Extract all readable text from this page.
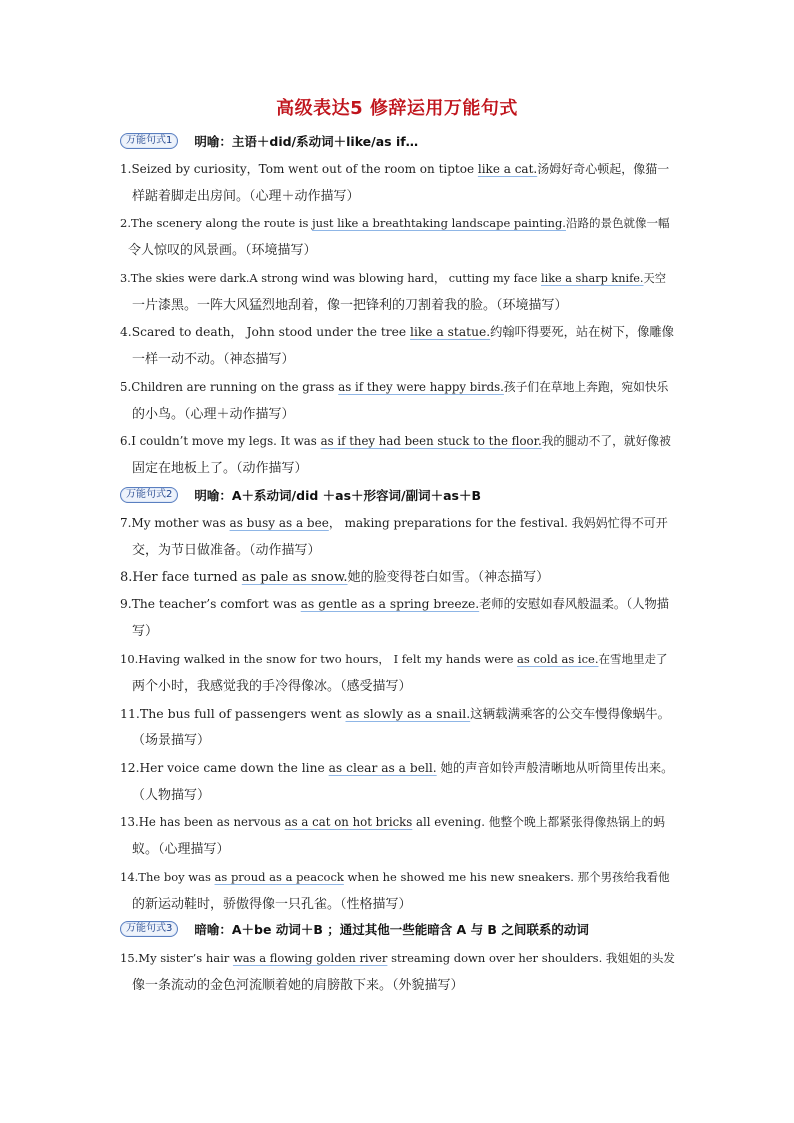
高级表达5 修辞运用万能句式
万能句式1	明喻：主语＋did/系动词＋like/as if…
1.Seized by curiosity，Tom went out of the room on tiptoe like a cat.汤姆好奇心顿起，像猫一
样踮着脚走出房间。（心理＋动作描写）
2.The scenery along the route is just like a breathtaking landscape painting.沿路的景色就像一幅
令人惊叹的风景画。（环境描写）
3.The skies were dark.A strong wind was blowing hard， cutting my face like a sharp knife.天空
一片漆黑。一阵大风猛烈地刮着，像一把锋利的刀割着我的脸。（环境描写）
4.Scared to death， John stood under the tree like a statue.约翰吓得要死，站在树下，像雕像
一样一动不动。（神态描写）
5.Children are running on the grass as if they were happy birds.孩子们在草地上奔跑，宛如快乐
的小鸟。（心理＋动作描写）
6.I couldn’t move my legs. It was as if they had been stuck to the floor.我的腿动不了，就好像被
固定在地板上了。（动作描写）
万能句式2	明喻：A＋系动词/did ＋as＋形容词/副词＋as＋B
7.My mother was as busy as a bee， making preparations for the festival. 我妈妈忙得不可开
交，为节日做准备。（动作描写）
8.Her face turned as pale as snow.她的脸变得苍白如雪。（神态描写）
9.The teacher’s comfort was as gentle as a spring breeze.老师的安慰如春风般温柔。（人物描
写）
10.Having walked in the snow for two hours， I felt my hands were as cold as ice.在雪地里走了
两个小时，我感觉我的手冷得像冰。（感受描写）
11.The bus full of passengers went as slowly as a snail.这辆载满乘客的公交车慢得像蜗牛。
（场景描写）
12.Her voice came down the line as clear as a bell. 她的声音如铃声般清晰地从听筒里传出来。
（人物描写）
13.He has been as nervous as a cat on hot bricks all evening. 他整个晚上都紧张得像热锅上的蚂
蚁。（心理描写）
14.The boy was as proud as a peacock when he showed me his new sneakers. 那个男孩给我看他
的新运动鞋时，骄傲得像一只孔雀。（性格描写）
万能句式3	暗喻：A＋be 动词＋B ；通过其他一些能暗含 A 与 B 之间联系的动词
15.My sister’s hair was a flowing golden river streaming down over her shoulders. 我姐姐的头发
像一条流动的金色河流顺着她的肩膀散下来。（外貌描写）
